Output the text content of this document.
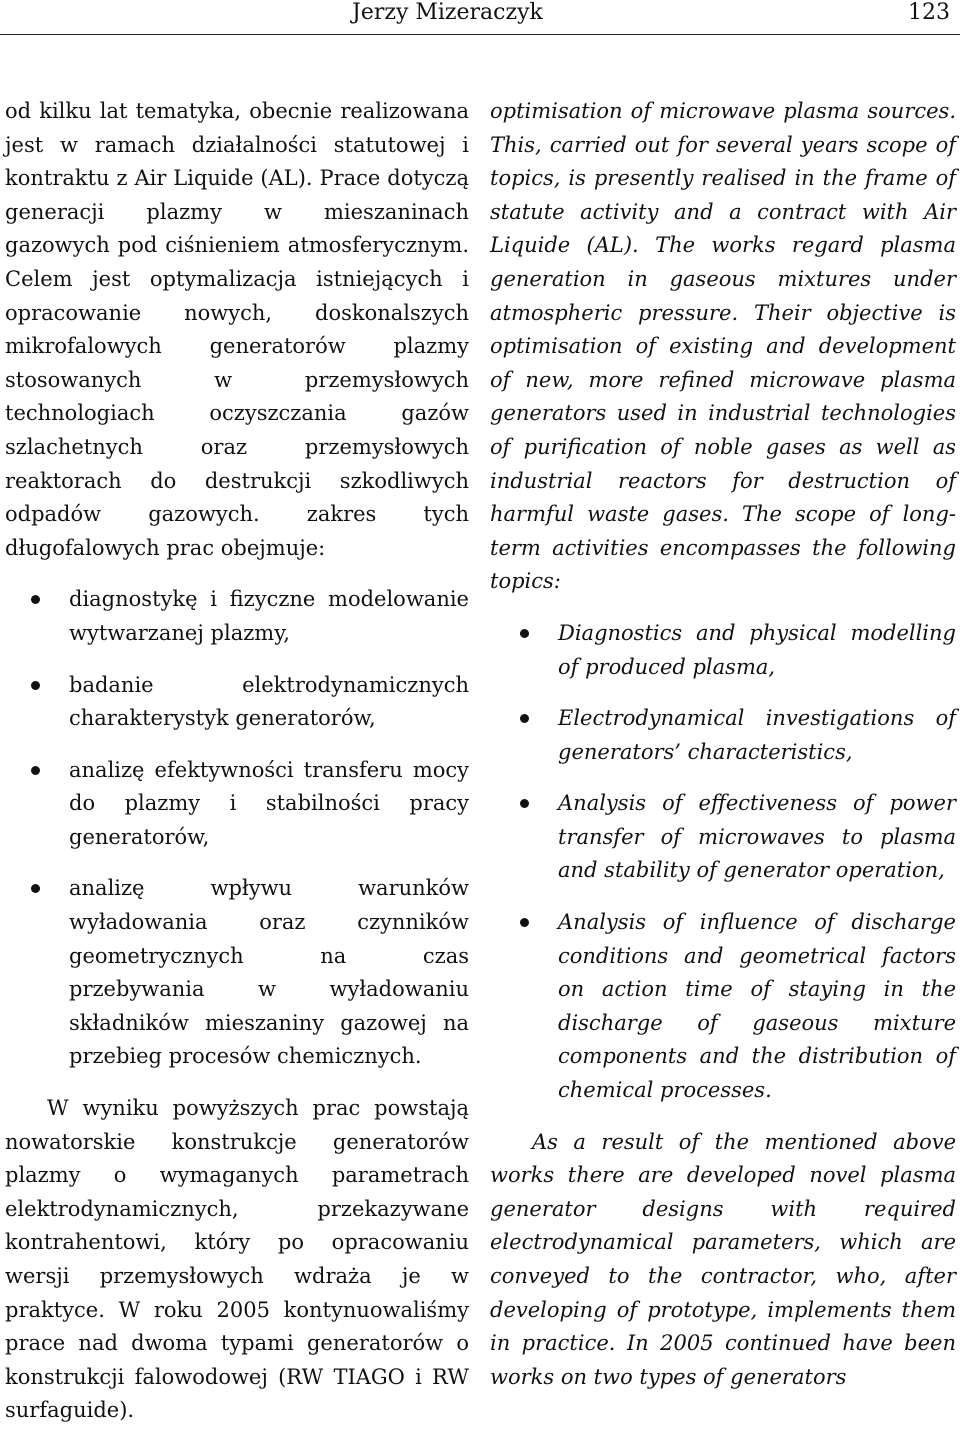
Jerzy Mizeraczyk	123

od kilku lat tematyka, obecnie realizowana jest w ramach działalności statutowej i kontraktu z Air Liquide (AL). Prace dotyczą generacji plazmy w mieszaninach gazowych pod ciśnieniem atmosferycznym. Celem jest optymalizacja istniejących i opracowanie nowych, doskonalszych mikrofalowych generatorów plazmy stosowanych w przemysłowych technologiach oczyszczania gazów szlachetnych oraz przemysłowych reaktorach do destrukcji szkodliwych odpadów gazowych. zakres tych długofalowych prac obejmuje:

diagnostykę i fizyczne modelowanie wytwarzanej plazmy,
badanie elektrodynamicznych charakterystyk generatorów,
analizę efektywności transferu mocy do plazmy i stabilności pracy generatorów,
analizę wpływu warunków wyładowania oraz czynników geometrycznych na czas przebywania w wyładowaniu składników mieszaniny gazowej na przebieg procesów chemicznych.

W wyniku powyższych prac powstają nowatorskie konstrukcje generatorów plazmy o wymaganych parametrach elektrodynamicznych, przekazywane kontrahentowi, który po opracowaniu wersji przemysłowych wdraża je w praktyce. W roku 2005 kontynuowaliśmy prace nad dwoma typami generatorów o konstrukcji falowodowej (RW TIAGO i RW surfaguide).

optimisation of microwave plasma sources. This, carried out for several years scope of topics, is presently realised in the frame of statute activity and a contract with Air Liquide (AL). The works regard plasma generation in gaseous mixtures under atmospheric pressure. Their objective is optimisation of existing and development of new, more refined microwave plasma generators used in industrial technologies of purification of noble gases as well as industrial reactors for destruction of harmful waste gases. The scope of long-term activities encompasses the following topics:

Diagnostics and physical modelling of produced plasma,
Electrodynamical investigations of generators’ characteristics,
Analysis of effectiveness of power transfer of microwaves to plasma and stability of generator operation,
Analysis of influence of discharge conditions and geometrical factors on action time of staying in the discharge of gaseous mixture components and the distribution of chemical processes.

As a result of the mentioned above works there are developed novel plasma generator designs with required electrodynamical parameters, which are conveyed to the contractor, who, after developing of prototype, implements them in practice. In 2005 continued have been works on two types of generators
